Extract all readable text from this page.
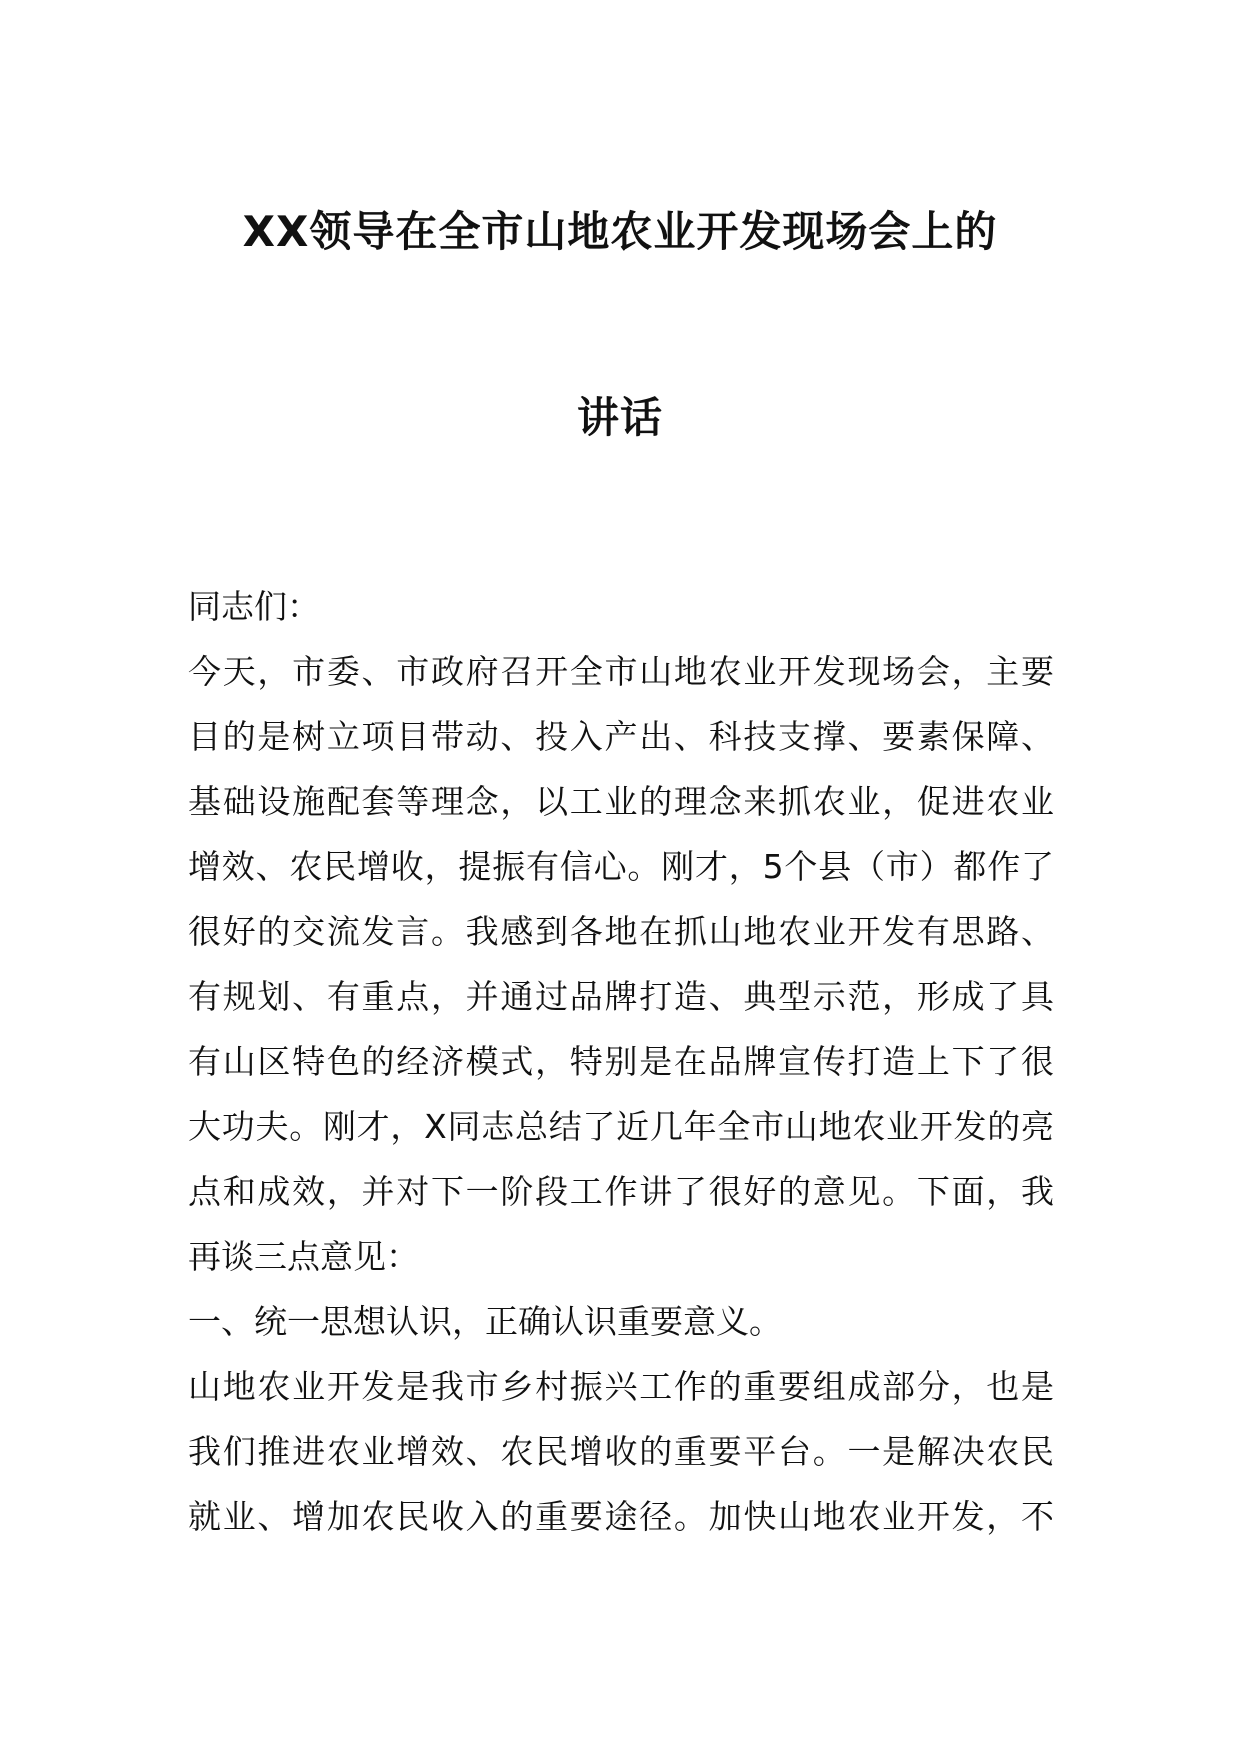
XX领导在全市山地农业开发现场会上的
讲话
同志们：
今天，市委、市政府召开全市山地农业开发现场会，主要
目的是树立项目带动、投入产出、科技支撑、要素保障、
基础设施配套等理念，以工业的理念来抓农业，促进农业
增效、农民增收，提振有信心。刚才，5个县（市）都作了
很好的交流发言。我感到各地在抓山地农业开发有思路、
有规划、有重点，并通过品牌打造、典型示范，形成了具
有山区特色的经济模式，特别是在品牌宣传打造上下了很
大功夫。刚才，X同志总结了近几年全市山地农业开发的亮
点和成效，并对下一阶段工作讲了很好的意见。下面，我
再谈三点意见：
一、统一思想认识，正确认识重要意义。
山地农业开发是我市乡村振兴工作的重要组成部分，也是
我们推进农业增效、农民增收的重要平台。一是解决农民
就业、增加农民收入的重要途径。加快山地农业开发，不
